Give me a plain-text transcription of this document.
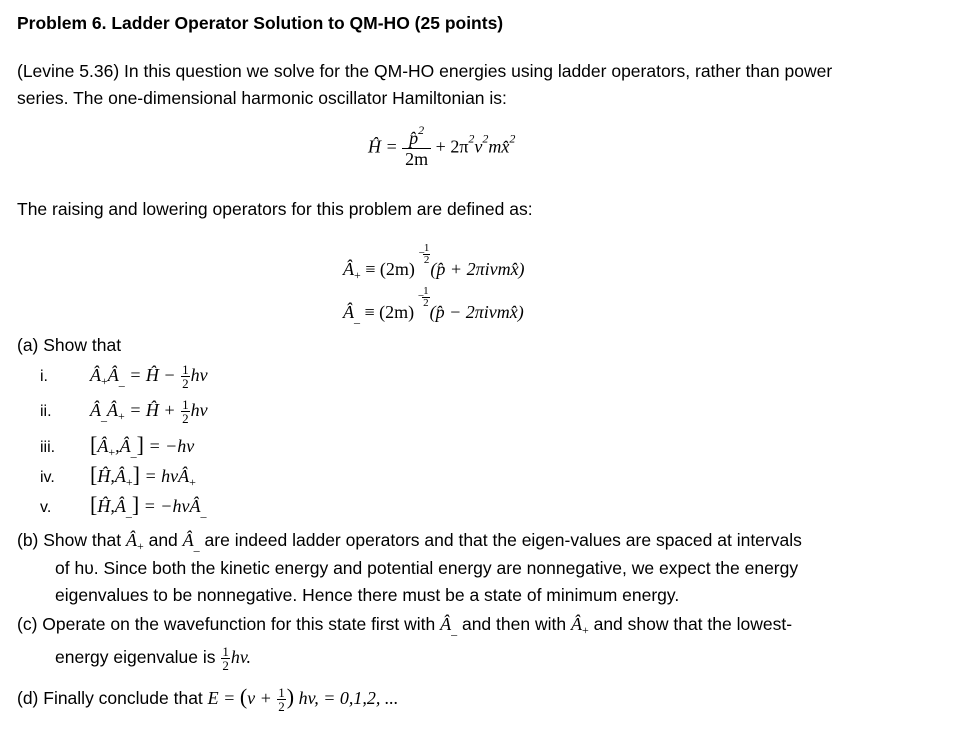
Problem 6. Ladder Operator Solution to QM-HO (25 points)
(Levine 5.36) In this question we solve for the QM-HO energies using ladder operators, rather than power
series. The one-dimensional harmonic oscillator Hamiltonian is:
Ĥ = $\frac{p̂^2}{2m}$ + $2\pi^2v^2mx̂^2$
The raising and lowering operators for this problem are defined as:
$Â_+ \equiv (2m)$
$^{- 1 2}$ (p̂ + 2πivmx̂)
$Â_{\_} \equiv (2m)$
$^{- 1 2}$ (p̂ − 2πivmx̂)
(a) Show that
i. $Â_+Â_{\_}$ = Ĥ − $\frac{1}{2}$ hv
ii. $Â_{\_}Â_+$ = Ĥ + $\frac{1}{2}$ hv
iii. $[Â_+,Â_{\_}] = -hv$
iv. $[Ĥ,Â_+]$ = hvÂ$_+$
v. $[Ĥ,Â_{\_}]$ = −hvÂ$_{\_}$
(b) Show that $Â_+$ and $Â_{\_}$ are indeed ladder operators and that the eigen-values are spaced at intervals
of hυ. Since both the kinetic energy and potential energy are nonnegative, we expect the energy
eigenvalues to be nonnegative. Hence there must be a state of minimum energy.
(c) Operate on the wavefunction for this state first with $Â_{\_}$ and then with $Â_+$ and show that the lowest-
energy eigenvalue is $\frac{1}{2}$ hv.
(d) Finally conclude that $E = (v + \frac{1}{2}$ ) hv, = 0,1,2, ...
